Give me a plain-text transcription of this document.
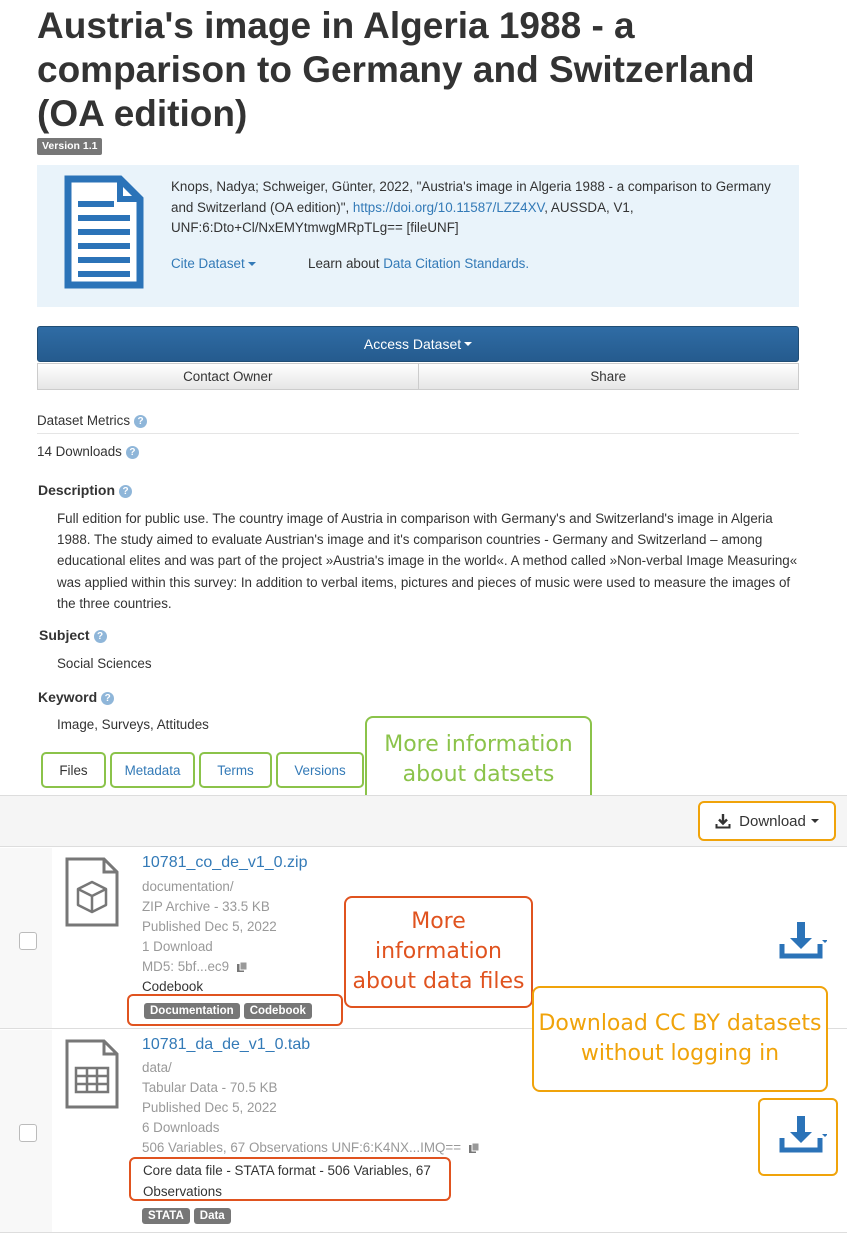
Austria's image in Algeria 1988 - a comparison to Germany and Switzerland (OA edition)
Version 1.1
Knops, Nadya; Schweiger, Günter, 2022, "Austria's image in Algeria 1988 - a comparison to Germany and Switzerland (OA edition)", https://doi.org/10.11587/LZZ4XV, AUSSDA, V1, UNF:6:Dto+Cl/NxEMYtmwgMRpTLg== [fileUNF]
Cite Dataset	Learn about Data Citation Standards.
Access Dataset
Contact Owner	Share
Dataset Metrics ?
14 Downloads ?
Description ?
Full edition for public use. The country image of Austria in comparison with Germany's and Switzerland's image in Algeria 1988. The study aimed to evaluate Austrian's image and it's comparison countries - Germany and Switzerland – among educational elites and was part of the project »Austria's image in the world«. A method called »Non-verbal Image Measuring« was applied within this survey: In addition to verbal items, pictures and pieces of music were used to measure the images of the three countries.
Subject ?
Social Sciences
Keyword ?
Image, Surveys, Attitudes
Files	Metadata	Terms	Versions
More information about datsets
Download
10781_co_de_v1_0.zip
documentation/
ZIP Archive - 33.5 KB
Published Dec 5, 2022
1 Download
MD5: 5bf...ec9
Codebook
Documentation Codebook
10781_da_de_v1_0.tab
data/
Tabular Data - 70.5 KB
Published Dec 5, 2022
6 Downloads
506 Variables, 67 Observations UNF:6:K4NX...IMQ==
Core data file - STATA format - 506 Variables, 67 Observations
STATA Data
More information about data files
Download CC BY datasets without logging in
